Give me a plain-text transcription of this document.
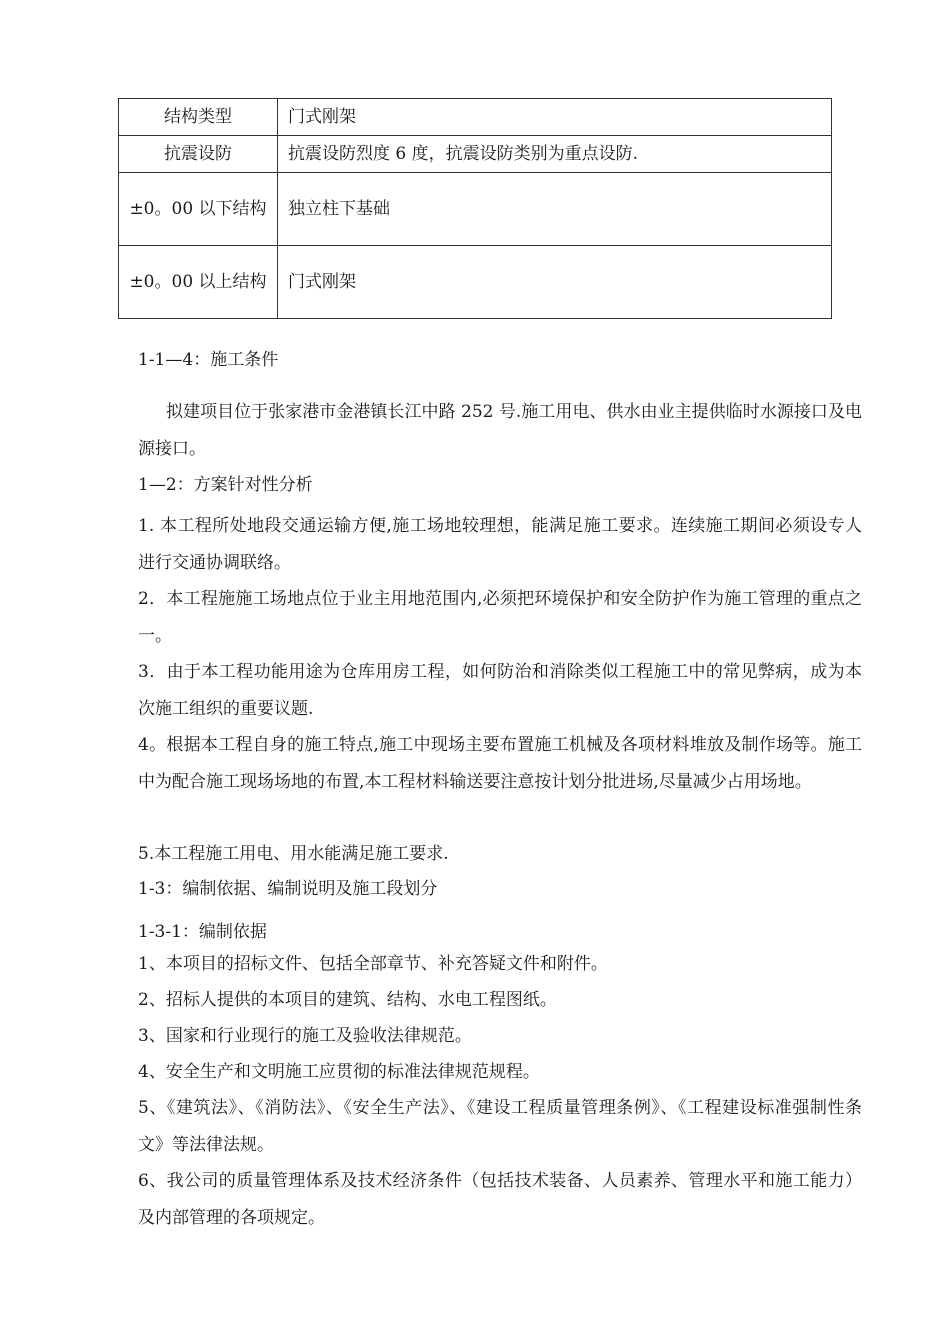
结构类型	门式刚架
抗震设防	抗震设防烈度 6 度，抗震设防类别为重点设防.
±0。00 以下结构	独立柱下基础
±0。00 以上结构	门式刚架
1-1—4：施工条件
拟建项目位于张家港市金港镇长江中路 252 号.施工用电、供水由业主提供临时水源接口及电源接口。
1—2：方案针对性分析
1. 本工程所处地段交通运输方便,施工场地较理想，能满足施工要求。连续施工期间必须设专人进行交通协调联络。
2．本工程施施工场地点位于业主用地范围内,必须把环境保护和安全防护作为施工管理的重点之一。
3．由于本工程功能用途为仓库用房工程，如何防治和消除类似工程施工中的常见弊病，成为本次施工组织的重要议题.
4。根据本工程自身的施工特点,施工中现场主要布置施工机械及各项材料堆放及制作场等。施工中为配合施工现场场地的布置,本工程材料输送要注意按计划分批进场,尽量减少占用场地。
5.本工程施工用电、用水能满足施工要求.
1-3：编制依据、编制说明及施工段划分
1-3-1：编制依据
1、本项目的招标文件、包括全部章节、补充答疑文件和附件。
2、招标人提供的本项目的建筑、结构、水电工程图纸。
3、国家和行业现行的施工及验收法律规范。
4、安全生产和文明施工应贯彻的标准法律规范规程。
5、《建筑法》、《消防法》、《安全生产法》、《建设工程质量管理条例》、《工程建设标准强制性条文》等法律法规。
6、我公司的质量管理体系及技术经济条件（包括技术装备、人员素养、管理水平和施工能力）及内部管理的各项规定。
